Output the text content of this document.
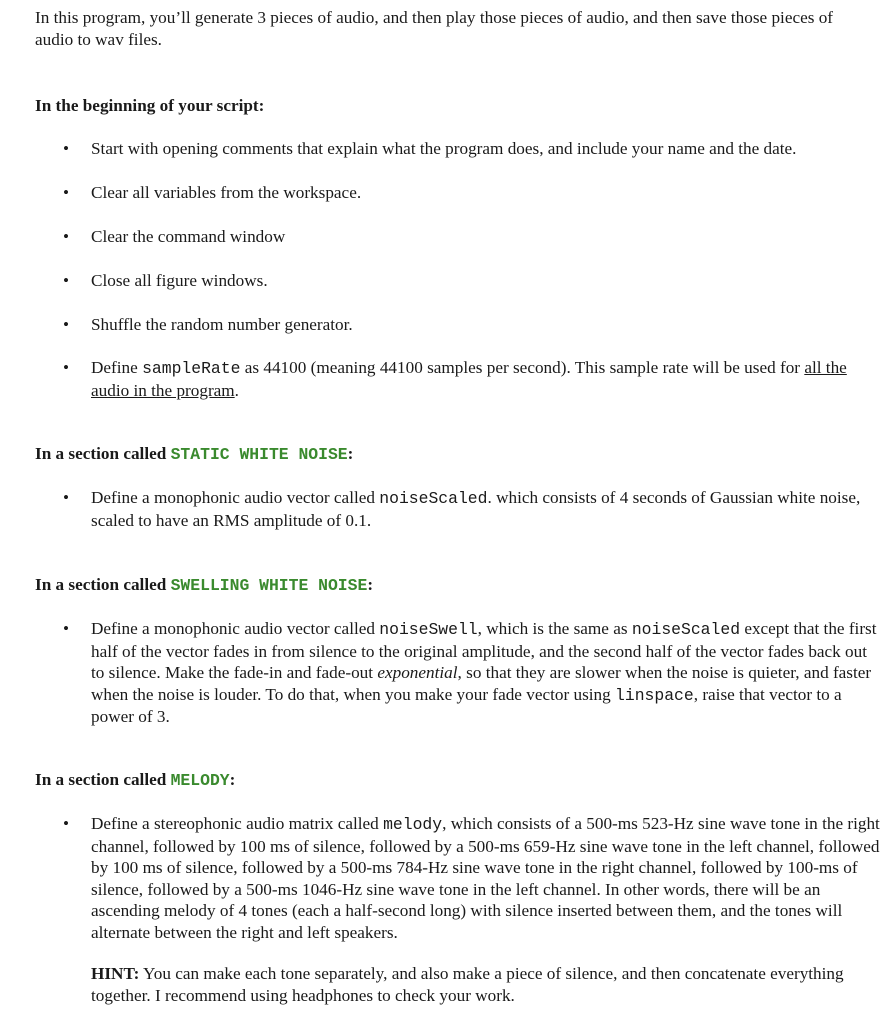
In this program, you’ll generate 3 pieces of audio, and then play those pieces of audio, and then save those pieces of audio to wav files.
In the beginning of your script:
• Start with opening comments that explain what the program does, and include your name and the date.
• Clear all variables from the workspace.
• Clear the command window
• Close all figure windows.
• Shuffle the random number generator.
• Define sampleRate as 44100 (meaning 44100 samples per second). This sample rate will be used for all the audio in the program.
In a section called STATIC WHITE NOISE:
• Define a monophonic audio vector called noiseScaled. which consists of 4 seconds of Gaussian white noise, scaled to have an RMS amplitude of 0.1.
In a section called SWELLING WHITE NOISE:
• Define a monophonic audio vector called noiseSwell, which is the same as noiseScaled except that the first half of the vector fades in from silence to the original amplitude, and the second half of the vector fades back out to silence. Make the fade-in and fade-out exponential, so that they are slower when the noise is quieter, and faster when the noise is louder. To do that, when you make your fade vector using linspace, raise that vector to a power of 3.
In a section called MELODY:
• Define a stereophonic audio matrix called melody, which consists of a 500-ms 523-Hz sine wave tone in the right channel, followed by 100 ms of silence, followed by a 500-ms 659-Hz sine wave tone in the left channel, followed by 100 ms of silence, followed by a 500-ms 784-Hz sine wave tone in the right channel, followed by 100-ms of silence, followed by a 500-ms 1046-Hz sine wave tone in the left channel. In other words, there will be an ascending melody of 4 tones (each a half-second long) with silence inserted between them, and the tones will alternate between the right and left speakers.
HINT: You can make each tone separately, and also make a piece of silence, and then concatenate everything together. I recommend using headphones to check your work.
